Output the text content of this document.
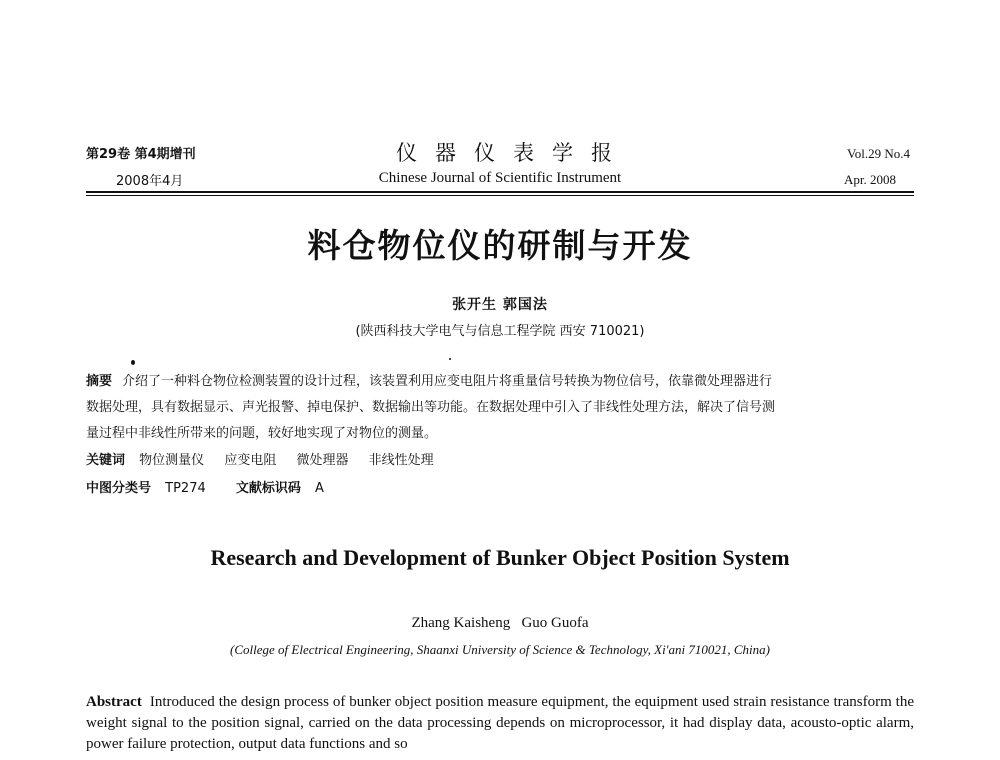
第29卷 第4期增刊
2008年4月
仪器仪表学报
Chinese Journal of Scientific Instrument
Vol.29 No.4
Apr. 2008
料仓物位仪的研制与开发
张开生 郭国法
(陕西科技大学电气与信息工程学院 西安 710021)
摘要 介绍了一种料仓物位检测装置的设计过程，该装置利用应变电阻片将重量信号转换为物位信号，依靠微处理器进行
数据处理，具有数据显示、声光报警、掉电保护、数据输出等功能。在数据处理中引入了非线性处理方法，解决了信号测
量过程中非线性所带来的问题，较好地实现了对物位的测量。
关键词 物位测量仪 应变电阻 微处理器 非线性处理
中图分类号 TP274 文献标识码 A
Research and Development of Bunker Object Position System
Zhang Kaisheng   Guo Guofa
(College of Electrical Engineering, Shaanxi University of Science & Technology, Xi'ani 710021, China)
Abstract Introduced the design process of bunker object position measure equipment, the equipment used strain resistance transform the weight signal to the position signal, carried on the data processing depends on microprocessor, it had display data, acousto-optic alarm, power failure protection, output data functions and so
